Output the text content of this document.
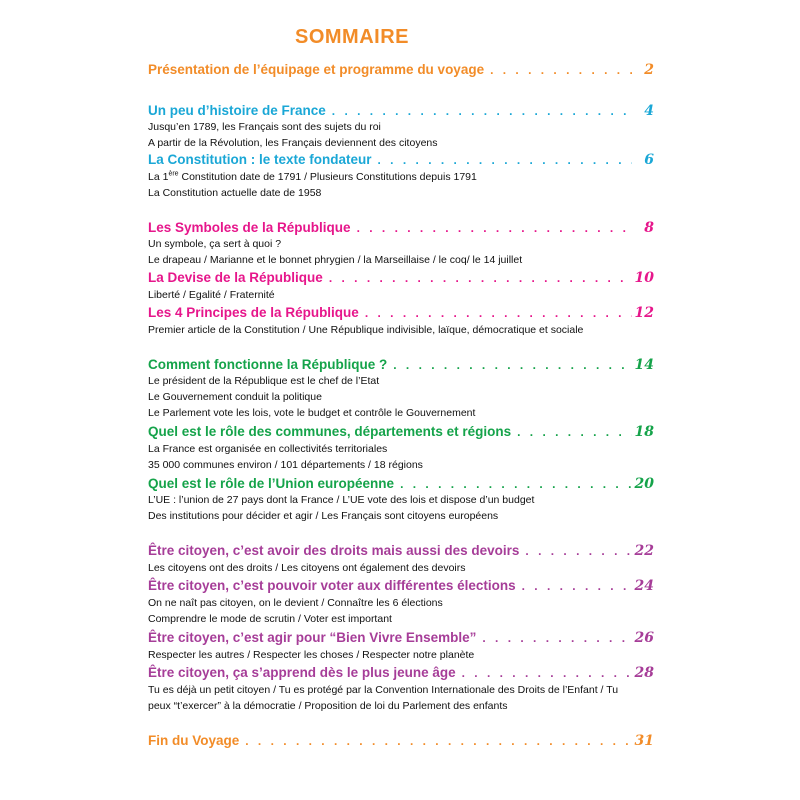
SOMMAIRE
Présentation de l’équipage et programme du voyage . . .	2
Un peu d’histoire de France . . .	4
Jusqu’en 1789, les Français sont des sujets du roi
A partir de la Révolution, les Français deviennent des citoyens
La Constitution : le texte fondateur . . .	6
La 1ère Constitution date de 1791 / Plusieurs Constitutions depuis 1791
La Constitution actuelle date de 1958
Les Symboles de la République . . .	8
Un symbole, ça sert à quoi ?
Le drapeau / Marianne et le bonnet phrygien / la Marseillaise / le coq/ le 14 juillet
La Devise de la République . . .	10
Liberté / Egalité / Fraternité
Les 4 Principes de la République . . .	12
Premier article de la Constitution / Une République indivisible, laïque, démocratique et sociale
Comment fonctionne la République ? . . .	14
Le président de la République est le chef de l’Etat
Le Gouvernement conduit la politique
Le Parlement vote les lois, vote le budget et contrôle le Gouvernement
Quel est le rôle des communes, départements et régions . . .	18
La France est organisée en collectivités territoriales
35 000 communes environ / 101 départements / 18 régions
Quel est le rôle de l’Union européenne . . .	20
L’UE : l’union de 27 pays dont la France / L’UE vote des lois et dispose d’un budget
Des institutions pour décider et agir / Les Français sont citoyens européens
Être citoyen, c’est avoir des droits mais aussi des devoirs . . .	22
Les citoyens ont des droits / Les citoyens ont également des devoirs
Être citoyen, c’est pouvoir voter aux différentes élections . . .	24
On ne naît pas citoyen, on le devient / Connaître les 6 élections
Comprendre le mode de scrutin / Voter est important
Être citoyen, c’est agir pour “Bien Vivre Ensemble” . . .	26
Respecter les autres / Respecter les choses / Respecter notre planète
Être citoyen, ça s’apprend dès le plus jeune âge . . .	28
Tu es déjà un petit citoyen / Tu es protégé par la Convention Internationale des Droits de l’Enfant / Tu peux “t’exercer” à la démocratie / Proposition de loi du Parlement des enfants
Fin du Voyage . . .	31
